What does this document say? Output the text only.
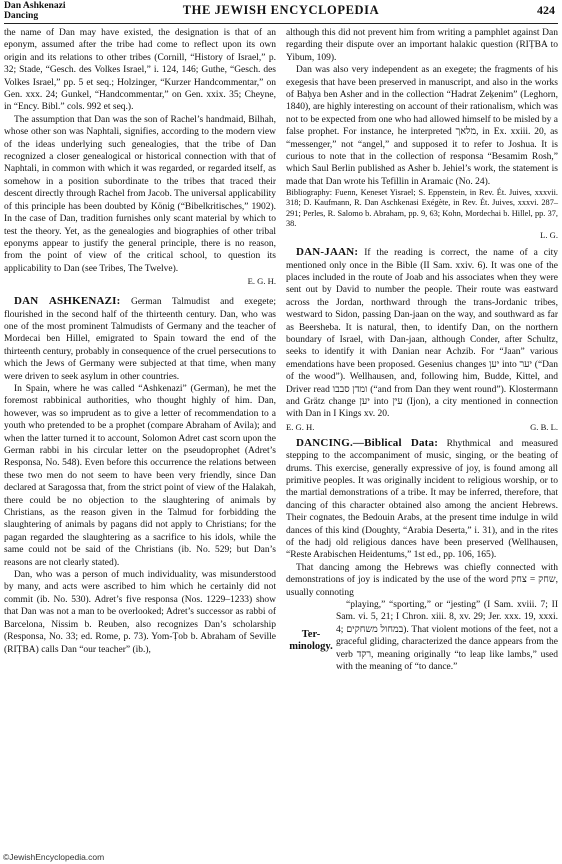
Dan Ashkenazi
Dancing	THE JEWISH ENCYCLOPEDIA	424

the name of Dan may have existed, the designation is that of an eponym, assumed after the tribe had come to reflect upon its own origin and its relations to other tribes (Cornill, “History of Israel,” p. 32; Stade, “Gesch. des Volkes Israel,” i. 124, 146; Guthe, “Gesch. des Volkes Israel,” pp. 5 et seq.; Holzinger, “Kurzer Handcommentar,” on Gen. xxx. 24; Gunkel, “Handcommentar,” on Gen. xxix. 35; Cheyne, in “Ency. Bibl.” cols. 992 et seq.).

The assumption that Dan was the son of Rachel’s handmaid, Bilhah, whose other son was Naphtali, signifies, according to the modern view of the ideas underlying such genealogies, that the tribe of Dan recognized a closer genealogical or historical connection with that of Naphtali, in common with which it was regarded, or regarded itself, as somehow in a position subordinate to the tribes that traced their descent directly through Rachel from Jacob. The universal applicability of this principle has been doubted by König (“Bibelkritisches,” 1902). In the case of Dan, tradition furnishes only scant material by which to test the theory. Yet, as the genealogies and biographies of other tribal eponyms appear to justify the general principle, there is no reason, from the point of view of the critical school, to question its applicability to Dan (see Tribes, The Twelve).

E. G. H.

DAN ASHKENAZI: German Talmudist and exegete; flourished in the second half of the thirteenth century. Dan, who was one of the most prominent Talmudists of Germany and the teacher of Mordecai ben Hillel, emigrated to Spain toward the end of the thirteenth century, probably in consequence of the cruel persecutions to which the Jews of Germany were subjected at that time, when many were driven to seek asylum in other countries.

In Spain, where he was called “Ashkenazi” (German), he met the foremost rabbinical authorities, who thought highly of him. Dan, however, was so imprudent as to give a letter of recommendation to a youth who pretended to be a prophet (compare Abraham of Avila); and when the latter turned it to account, Solomon Adret cast scorn upon the German rabbi in his circular letter on the pseudoprophet (Adret’s Responsa, No. 548). Even before this occurrence the relations between these two men do not seem to have been very friendly, since Dan declared at Saragossa that, from the strict point of view of the Halakah, there could be no objection to the slaughtering of animals by Christians, as the reason given in the Talmud for forbidding the slaughtering of animals by pagans did not apply to Christians; for the pagan regarded the slaughtering as a sacrifice to his idols, while the same could not be said of the Christians (ib. No. 529; but Dan’s reasons are not clearly stated).

Dan, who was a person of much individuality, was misunderstood by many, and acts were ascribed to him which he certainly did not commit (ib. No. 530). Adret’s five responsa (Nos. 1229–1233) show that Dan was not a man to be overlooked; Adret’s successor as rabbi of Barcelona, Nissim b. Reuben, also recognizes Dan’s scholarship (Responsa, No. 33; ed. Rome, p. 73). Yom-Ṭob b. Abraham of Seville (RIṬBA) calls Dan “our teacher” (ib.),

although this did not prevent him from writing a pamphlet against Dan regarding their dispute over an important halakic question (RIṬBA to Yibum, 109).

Dan was also very independent as an exegete; the fragments of his exegesis that have been preserved in manuscript, and also in the works of Baḥya ben Asher and in the collection “Hadrat Zeḳenim” (Leghorn, 1840), are highly interesting on account of their rationalism, which was not to be expected from one who had allowed himself to be misled by a false prophet. For instance, he interpreted מלאך, in Ex. xxiii. 20, as “messenger,” not “angel,” and supposed it to refer to Joshua. It is curious to note that in the collection of responsa “Besamim Rosh,” which Saul Berlin published as Asher b. Jehiel’s work, the statement is made that Dan wrote his Tefillin in Aramaic (No. 24).

Bibliography: Fuenn, Keneset Yisrael; S. Eppenstein, in Rev. Ét. Juives, xxxvii. 318; D. Kaufmann, R. Dan Aschkenasi Exégète, in Rev. Ét. Juives, xxxvi. 287–291; Perles, R. Salomo b. Abraham, pp. 9, 63; Kohn, Mordechai b. Hillel, pp. 37, 38.

L. G.

DAN-JAAN: If the reading is correct, the name of a city mentioned only once in the Bible (II Sam. xxiv. 6). It was one of the places included in the route of Joab and his associates when they were sent out by David to number the people. Their route was eastward across the Jordan, northward through the trans-Jordanic tribes, westward to Sidon, passing Dan-jaan on the way, and southward as far as Beersheba. It is natural, then, to identify Dan, on the northern boundary of Israel, with Dan-jaan, although Conder, after Schultz, seeks to identify it with Danian near Achzib. For “Jaan” various emendations have been proposed. Gesenius changes יען into יער (“Dan of the wood”). Wellhausen, and, following him, Budde, Kittel, and Driver read ומדן סבבו (“and from Dan they went round”). Klostermann and Grätz change יען into עין (Ijon), a city mentioned in connection with Dan in I Kings xv. 20.

E. G. H.	G. B. L.

DANCING.—Biblical Data: Rhythmical and measured stepping to the accompaniment of music, singing, or the beating of drums. This exercise, generally expressive of joy, is found among all primitive peoples. It was originally incident to religious worship, or to the martial demonstrations of a tribe. It may be inferred, therefore, that dancing of this character obtained also among the ancient Hebrews. Their cognates, the Bedouin Arabs, at the present time indulge in wild dances of this kind (Doughty, “Arabia Deserta,” i. 31), and in the rites of the hadj old religious dances have been preserved (Wellhausen, “Reste Arabischen Heidentums,” 1st ed., pp. 106, 165).

That dancing among the Hebrews was chiefly connected with demonstrations of joy is indicated by the use of the word שחק = צחק, usually connoting

Ter-
minology.

“playing,” “sporting,” or “jesting” (I Sam. xviii. 7; II Sam. vi. 5, 21; I Chron. xiii. 8, xv. 29; Jer. xxx. 19, xxxi. 4; במחול משחקים). That violent motions of the feet, not a graceful gliding, characterized the dance appears from the verb רקד, meaning originally “to leap like lambs,” used with the meaning of “to dance.”

©JewishEncyclopedia.com
